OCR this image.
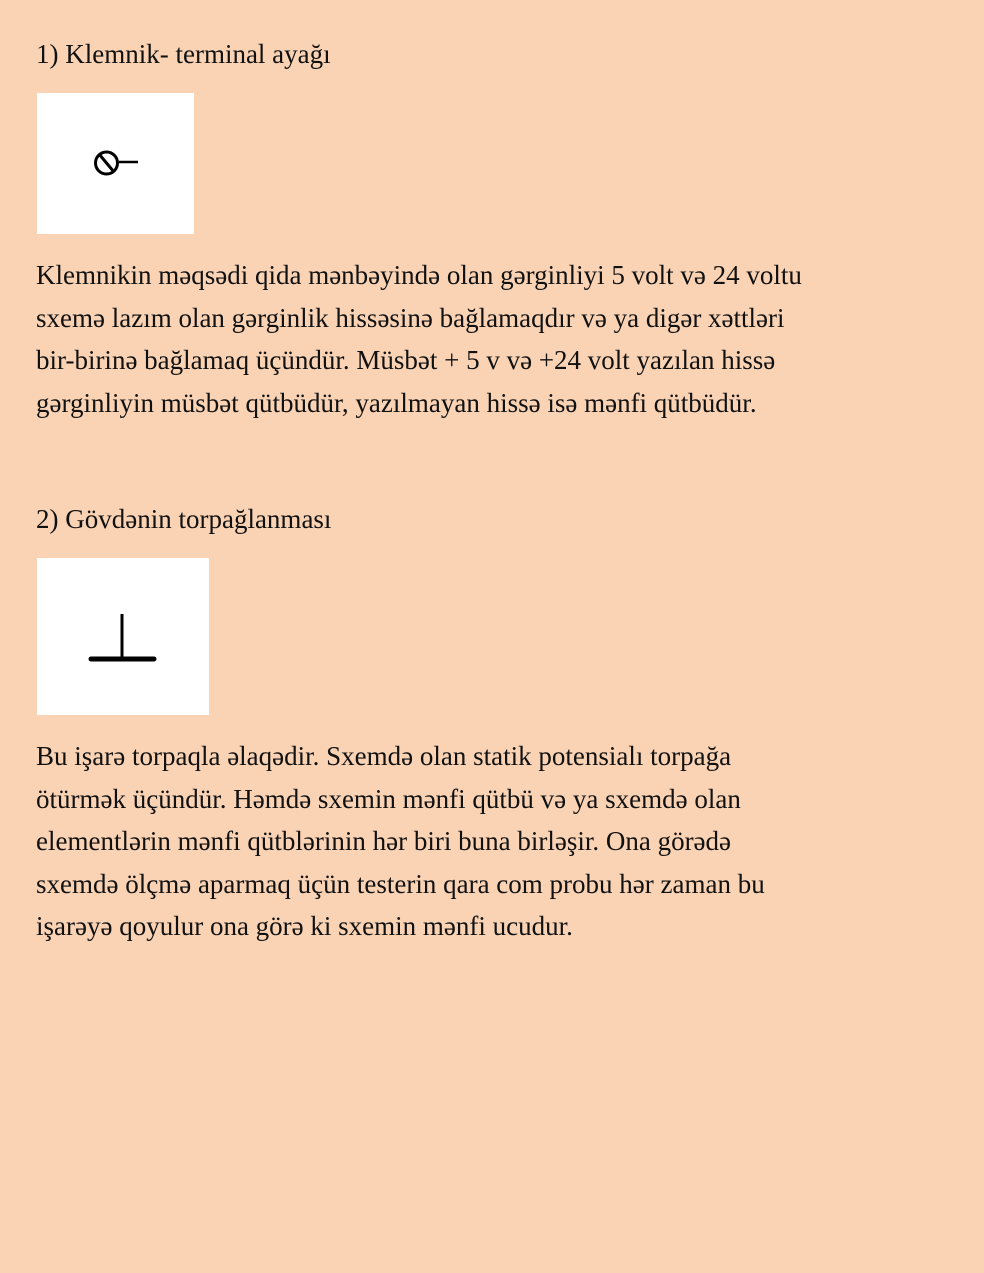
1) Klemnik- terminal ayağı

Klemnikin məqsədi qida mənbəyində olan gərginliyi 5 volt və 24 voltu
sxemə lazım olan gərginlik hissəsinə bağlamaqdır və ya digər xəttləri
bir-birinə bağlamaq üçündür. Müsbət + 5 v və +24 volt yazılan hissə
gərginliyin müsbət qütbüdür, yazılmayan hissə isə mənfi qütbüdür.

2) Gövdənin torpağlanması

Bu işarə torpaqla əlaqədir. Sxemdə olan statik potensialı torpağa
ötürmək üçündür. Həmdə sxemin mənfi qütbü və ya sxemdə olan
elementlərin mənfi qütblərinin hər biri buna birləşir. Ona görədə
sxemdə ölçmə aparmaq üçün testerin qara com probu hər zaman bu
işarəyə qoyulur ona görə ki sxemin mənfi ucudur.
